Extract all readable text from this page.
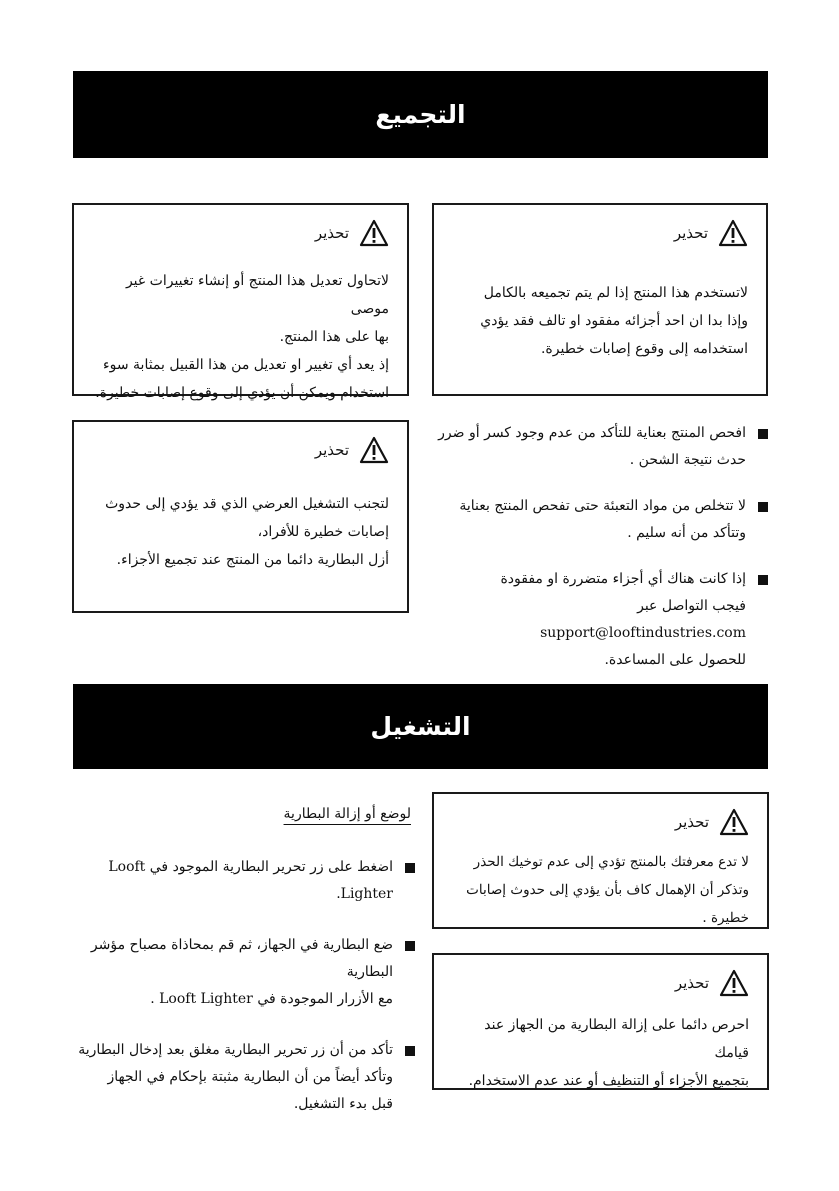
التجميع
تحذير

لاتحاول تعديل هذا المنتج أو إنشاء تغييرات غير موصى

بها على هذا المنتج.

إذ يعد أي تغيير او تعديل من هذا القبيل بمثابة سوء

استخدام ويمكن أن يؤدي إلى وقوع إصابات خطيرة.

تحذير

لاتستخدم هذا المنتج إذا لم يتم تجميعه بالكامل

وإذا بدا ان احد أجزائه مفقود او تالف فقد يؤدي

استخدامه إلى وقوع إصابات خطيرة.

تحذير

لتجنب التشغيل العرضي الذي قد يؤدي إلى حدوث

إصابات خطيرة للأفراد،

أزل البطارية دائما من المنتج عند تجميع الأجزاء.

افحص المنتج بعناية للتأكد من عدم وجود كسر أو ضرر

حدث نتيجة الشحن .

لا تتخلص من مواد التعبئة حتى تفحص المنتج بعناية

وتتأكد من أنه سليم .

إذا كانت هناك أي أجزاء متضررة او مفقودة

فيجب التواصل عبر

support@looftindustries.com

للحصول على المساعدة.

التشغيل
لوضع أو إزالة البطارية

اضغط على زر تحرير البطارية الموجود في Looft Lighter.

ضع البطارية في الجهاز، ثم قم بمحاذاة مصباح مؤشر البطارية

مع الأزرار الموجودة في Looft Lighter .

تأكد من أن زر تحرير البطارية مغلق بعد إدخال البطارية

وتأكد أيضاً من أن البطارية مثبتة بإحكام في الجهاز

قبل بدء التشغيل.

تحذير

لا تدع معرفتك بالمنتج تؤدي إلى عدم توخيك الحذر

وتذكر أن الإهمال كاف بأن يؤدي إلى حدوث إصابات خطيرة .

تحذير

احرص دائما على إزالة البطارية من الجهاز عند قيامك

بتجميع الأجزاء أو التنظيف أو عند عدم الاستخدام.
